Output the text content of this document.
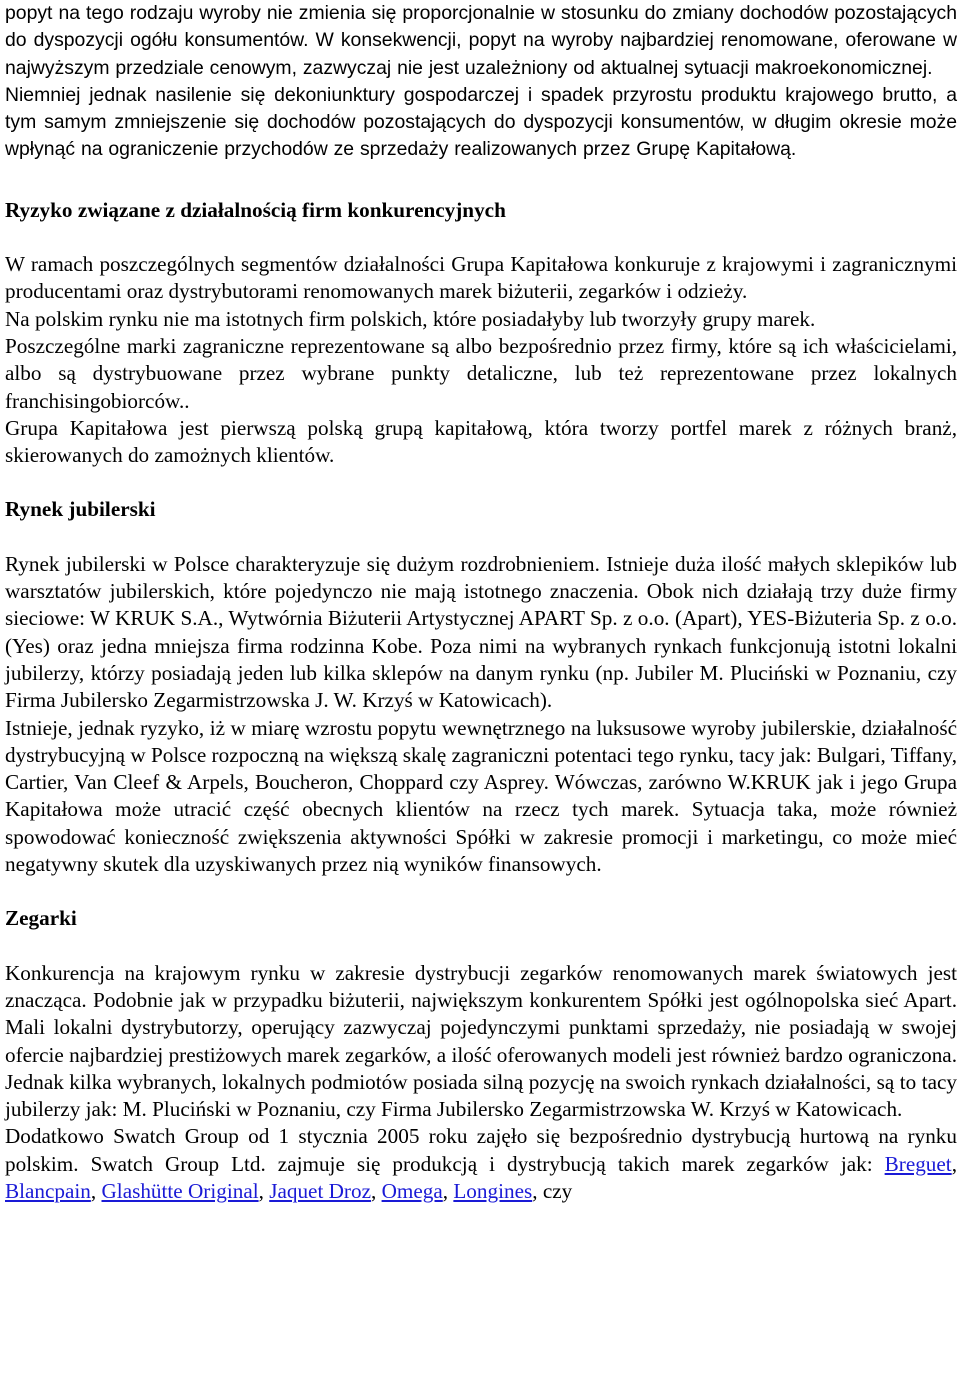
popyt na tego rodzaju wyroby nie zmienia się proporcjonalnie w stosunku do zmiany dochodów pozostających do dyspozycji ogółu konsumentów. W konsekwencji, popyt na wyroby najbardziej renomowane, oferowane w najwyższym przedziale cenowym, zazwyczaj nie jest uzależniony od aktualnej sytuacji makroekonomicznej.

Niemniej jednak nasilenie się dekoniunktury gospodarczej i spadek przyrostu produktu krajowego brutto, a tym samym zmniejszenie się dochodów pozostających do dyspozycji konsumentów, w długim okresie może wpłynąć na ograniczenie przychodów ze sprzedaży realizowanych przez Grupę Kapitałową.

Ryzyko związane z działalnością firm konkurencyjnych

W ramach poszczególnych segmentów działalności Grupa Kapitałowa konkuruje z krajowymi i zagranicznymi producentami oraz dystrybutorami renomowanych marek biżuterii, zegarków i odzieży.

Na polskim rynku nie ma istotnych firm polskich, które posiadałyby lub tworzyły grupy marek.

Poszczególne marki zagraniczne reprezentowane są albo bezpośrednio przez firmy, które są ich właścicielami, albo są dystrybuowane przez wybrane punkty detaliczne, lub też reprezentowane przez lokalnych franchisingobiorców..

Grupa Kapitałowa jest pierwszą polską grupą kapitałową, która tworzy portfel marek z różnych branż, skierowanych do zamożnych klientów.

Rynek jubilerski

Rynek jubilerski w Polsce charakteryzuje się dużym rozdrobnieniem. Istnieje duża ilość małych sklepików lub warsztatów jubilerskich, które pojedynczo nie mają istotnego znaczenia. Obok nich działają trzy duże firmy sieciowe: W KRUK S.A., Wytwórnia Biżuterii Artystycznej APART Sp. z o.o. (Apart), YES-Biżuteria Sp. z o.o. (Yes) oraz jedna mniejsza firma rodzinna Kobe. Poza nimi na wybranych rynkach funkcjonują istotni lokalni jubilerzy, którzy posiadają jeden lub kilka sklepów na danym rynku (np. Jubiler M. Pluciński w Poznaniu, czy Firma Jubilersko Zegarmistrzowska J. W. Krzyś w Katowicach).

Istnieje, jednak ryzyko, iż w miarę wzrostu popytu wewnętrznego na luksusowe wyroby jubilerskie, działalność dystrybucyjną w Polsce rozpoczną na większą skalę zagraniczni potentaci tego rynku, tacy jak: Bulgari, Tiffany, Cartier, Van Cleef & Arpels, Boucheron, Choppard czy Asprey. Wówczas, zarówno W.KRUK jak i jego Grupa Kapitałowa może utracić część obecnych klientów na rzecz tych marek. Sytuacja taka, może również spowodować konieczność zwiększenia aktywności Spółki w zakresie promocji i marketingu, co może mieć negatywny skutek dla uzyskiwanych przez nią wyników finansowych.

Zegarki

Konkurencja na krajowym rynku w zakresie dystrybucji zegarków renomowanych marek światowych jest znacząca. Podobnie jak w przypadku biżuterii, największym konkurentem Spółki jest ogólnopolska sieć Apart. Mali lokalni dystrybutorzy, operujący zazwyczaj pojedynczymi punktami sprzedaży, nie posiadają w swojej ofercie najbardziej prestiżowych marek zegarków, a ilość oferowanych modeli jest również bardzo ograniczona. Jednak kilka wybranych, lokalnych podmiotów posiada silną pozycję na swoich rynkach działalności, są to tacy jubilerzy jak: M. Pluciński w Poznaniu, czy Firma Jubilersko Zegarmistrzowska W. Krzyś w Katowicach.

Dodatkowo Swatch Group od 1 stycznia 2005 roku zajęło się bezpośrednio dystrybucją hurtową na rynku polskim. Swatch Group Ltd. zajmuje się produkcją i dystrybucją takich marek zegarków jak: Breguet, Blancpain, Glashütte Original, Jaquet Droz, Omega, Longines, czy
